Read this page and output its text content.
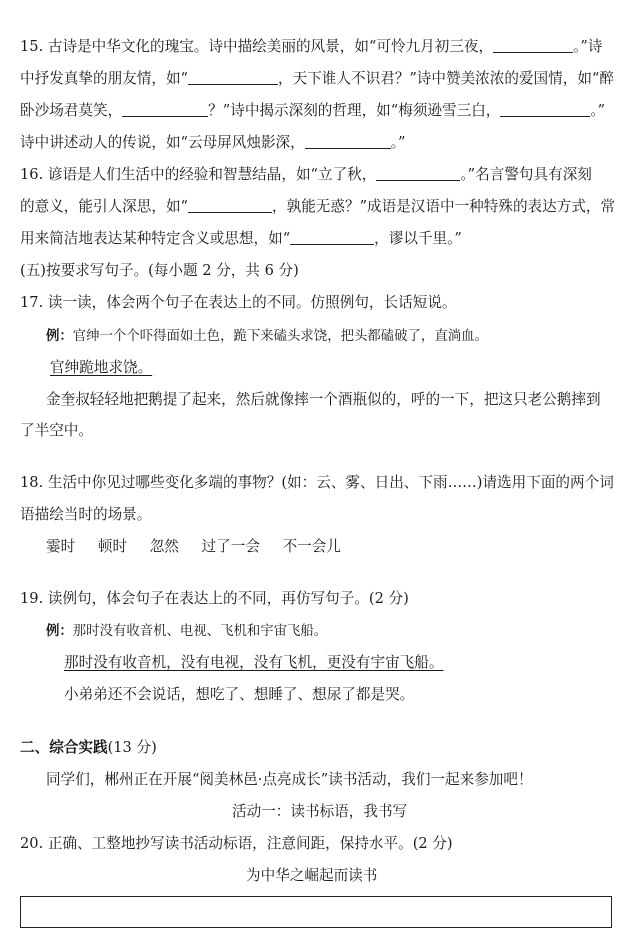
15. 古诗是中华文化的瑰宝。诗中描绘美丽的风景，如“可怜九月初三夜，	。”诗
中抒发真挚的朋友情，如“	，天下谁人不识君？”诗中赞美浓浓的爱国情，如“醉
卧沙场君莫笑，	？”诗中揭示深刻的哲理，如“梅须逊雪三白，	。”
诗中讲述动人的传说，如“云母屏风烛影深，	。”
16. 谚语是人们生活中的经验和智慧结晶，如“立了秋，	。”名言警句具有深刻
的意义，能引人深思，如“	，孰能无惑？”成语是汉语中一种特殊的表达方式，常
用来简洁地表达某种特定含义或思想，如“	，谬以千里。”
(五)按要求写句子。(每小题 2 分，共 6 分)
17. 读一读，体会两个句子在表达上的不同。仿照例句，长话短说。
例：官绅一个个吓得面如土色，跪下来磕头求饶，把头都磕破了，直淌血。
官绅跪地求饶。
金奎叔轻轻地把鹅提了起来，然后就像摔一个酒瓶似的，呼的一下，把这只老公鹅摔到
了半空中。
18. 生活中你见过哪些变化多端的事物？(如：云、雾、日出、下雨……)请选用下面的两个词
语描绘当时的场景。
霎时 顿时 忽然 过了一会 不一会儿
19. 读例句，体会句子在表达上的不同，再仿写句子。(2 分)
例：那时没有收音机、电视、飞机和宇宙飞船。
那时没有收音机，没有电视，没有飞机，更没有宇宙飞船。
小弟弟还不会说话，想吃了、想睡了、想尿了都是哭。
二、综合实践(13 分)
同学们，郴州正在开展“阅美林邑·点亮成长”读书活动，我们一起来参加吧！
活动一：读书标语，我书写
20. 正确、工整地抄写读书活动标语，注意间距，保持水平。(2 分)
为中华之崛起而读书
